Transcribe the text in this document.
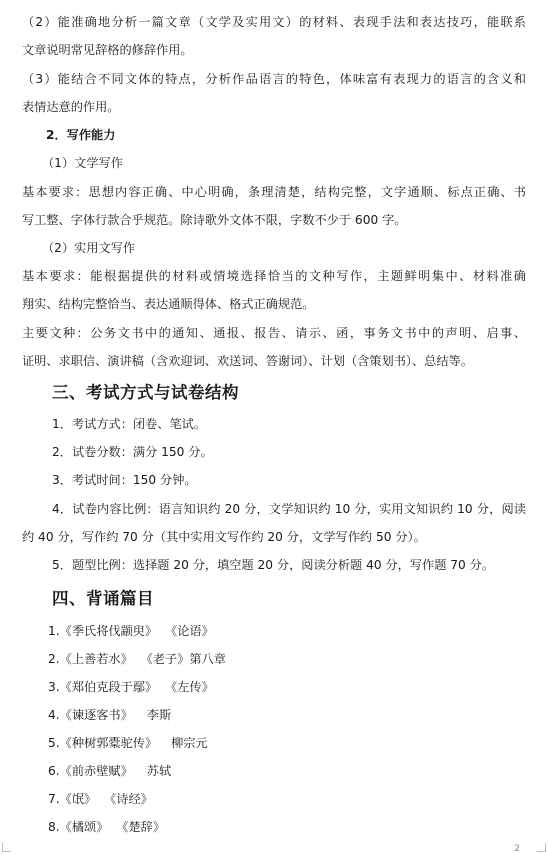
（2）能准确地分析一篇文章（文学及实用文）的材料、表现手法和表达技巧，能联系
文章说明常见辞格的修辞作用。
（3）能结合不同文体的特点，分析作品语言的特色，体味富有表现力的语言的含义和
表情达意的作用。
2．写作能力
（1）文学写作
基本要求：思想内容正确、中心明确，条理清楚，结构完整，文字通顺、标点正确、书
写工整、字体行款合乎规范。除诗歌外文体不限，字数不少于 600 字。
（2）实用文写作
基本要求：能根据提供的材料或情境选择恰当的文种写作，主题鲜明集中、材料准确
翔实、结构完整恰当、表达通顺得体、格式正确规范。
主要文种：公务文书中的通知、通报、报告、请示、函，事务文书中的声明、启事、
证明、求职信、演讲稿（含欢迎词、欢送词、答谢词）、计划（含策划书）、总结等。
三、考试方式与试卷结构
1．考试方式：闭卷、笔试。
2．试卷分数：满分 150 分。
3．考试时间：150 分钟。
4．试卷内容比例：语言知识约 20 分，文学知识约 10 分，实用文知识约 10 分，阅读
约 40 分，写作约 70 分（其中实用文写作约 20 分，文学写作约 50 分）。
5．题型比例：选择题 20 分，填空题 20 分，阅读分析题 40 分，写作题 70 分。
四、背诵篇目
1.《季氏将伐颛臾》 《论语》
2.《上善若水》 《老子》第八章
3.《郑伯克段于鄢》 《左传》
4.《谏逐客书》 李斯
5.《种树郭橐驼传》 柳宗元
6.《前赤壁赋》 苏轼
7.《氓》 《诗经》
8.《橘颂》 《楚辞》
2
